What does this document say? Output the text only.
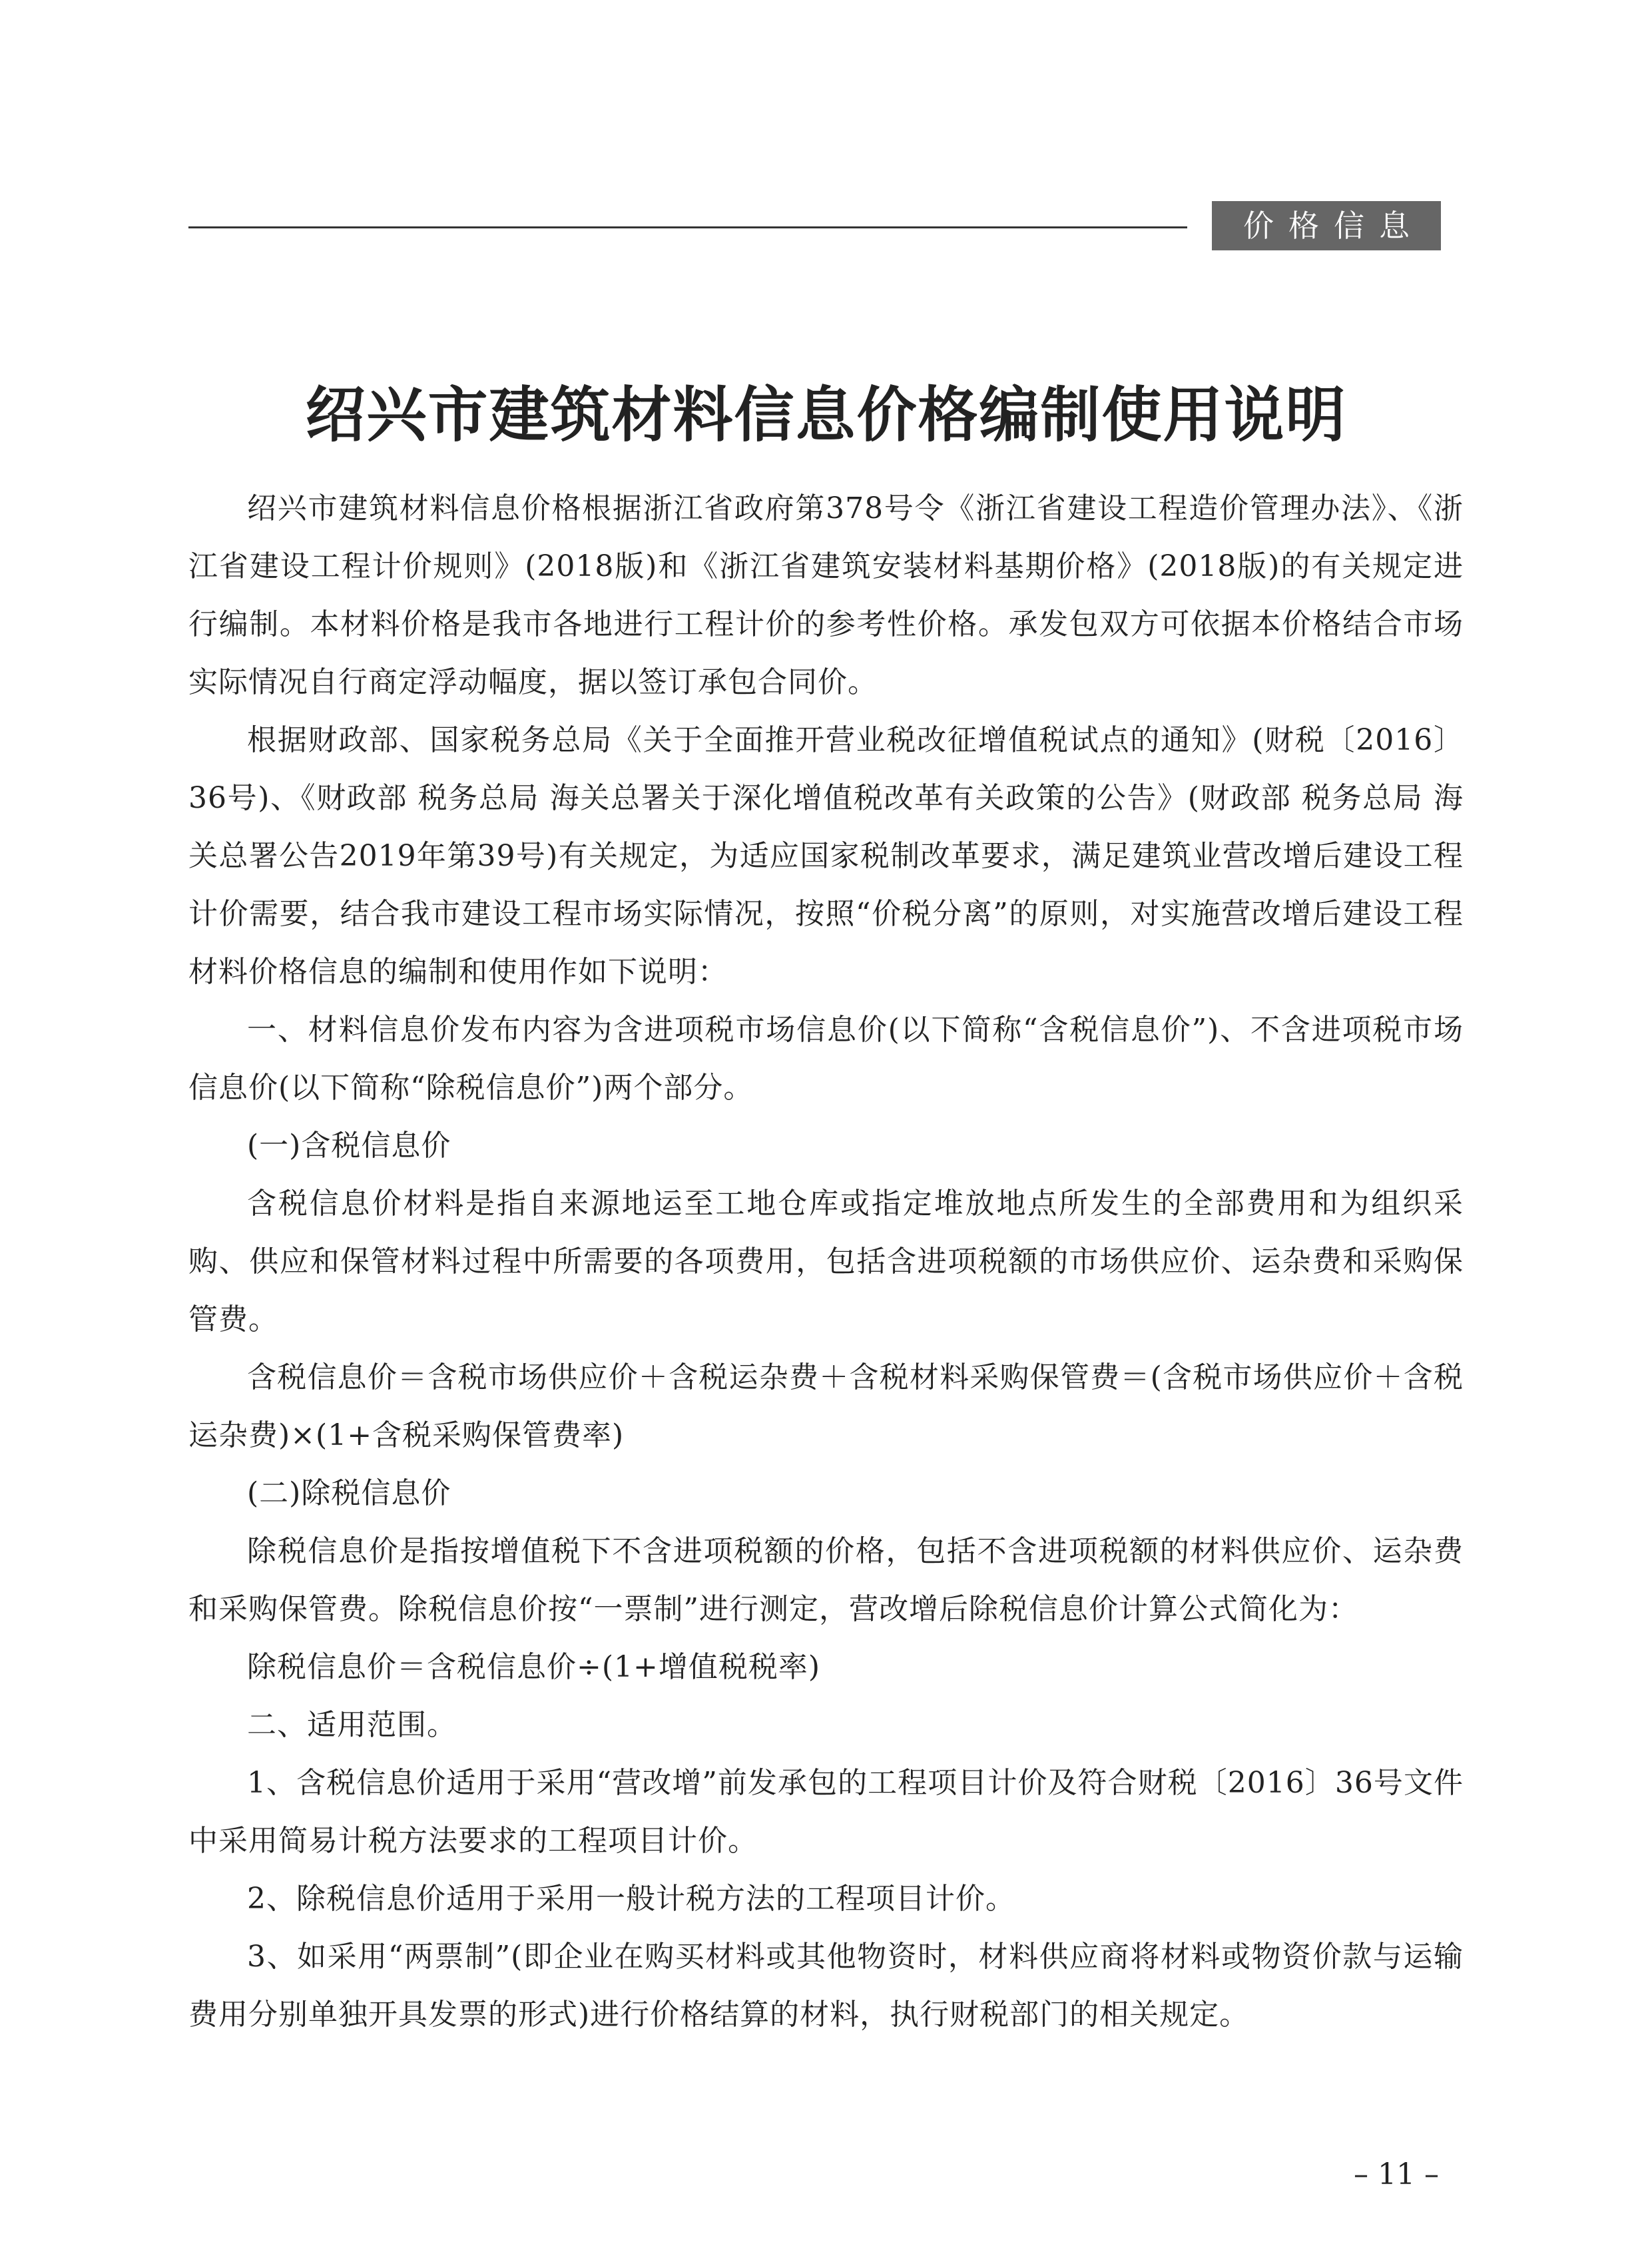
价格信息
绍兴市建筑材料信息价格编制使用说明

绍兴市建筑材料信息价格根据浙江省政府第378号令《浙江省建设工程造价管理办法》、《浙江省建设工程计价规则》(2018版)和《浙江省建筑安装材料基期价格》(2018版)的有关规定进行编制。本材料价格是我市各地进行工程计价的参考性价格。承发包双方可依据本价格结合市场实际情况自行商定浮动幅度，据以签订承包合同价。

根据财政部、国家税务总局《关于全面推开营业税改征增值税试点的通知》(财税〔2016〕36号)、《财政部 税务总局 海关总署关于深化增值税改革有关政策的公告》(财政部 税务总局 海关总署公告2019年第39号)有关规定，为适应国家税制改革要求，满足建筑业营改增后建设工程计价需要，结合我市建设工程市场实际情况，按照“价税分离”的原则，对实施营改增后建设工程材料价格信息的编制和使用作如下说明：

一、材料信息价发布内容为含进项税市场信息价(以下简称“含税信息价”)、不含进项税市场信息价(以下简称“除税信息价”)两个部分。

(一)含税信息价

含税信息价材料是指自来源地运至工地仓库或指定堆放地点所发生的全部费用和为组织采购、供应和保管材料过程中所需要的各项费用，包括含进项税额的市场供应价、运杂费和采购保管费。

含税信息价＝含税市场供应价＋含税运杂费＋含税材料采购保管费＝(含税市场供应价＋含税运杂费)×(1+含税采购保管费率)

(二)除税信息价

除税信息价是指按增值税下不含进项税额的价格，包括不含进项税额的材料供应价、运杂费和采购保管费。除税信息价按“一票制”进行测定，营改增后除税信息价计算公式简化为：

除税信息价＝含税信息价÷(1+增值税税率)

二、适用范围。

1、含税信息价适用于采用“营改增”前发承包的工程项目计价及符合财税〔2016〕36号文件中采用简易计税方法要求的工程项目计价。

2、除税信息价适用于采用一般计税方法的工程项目计价。

3、如采用“两票制”(即企业在购买材料或其他物资时，材料供应商将材料或物资价款与运输费用分别单独开具发票的形式)进行价格结算的材料，执行财税部门的相关规定。

– 11 –
